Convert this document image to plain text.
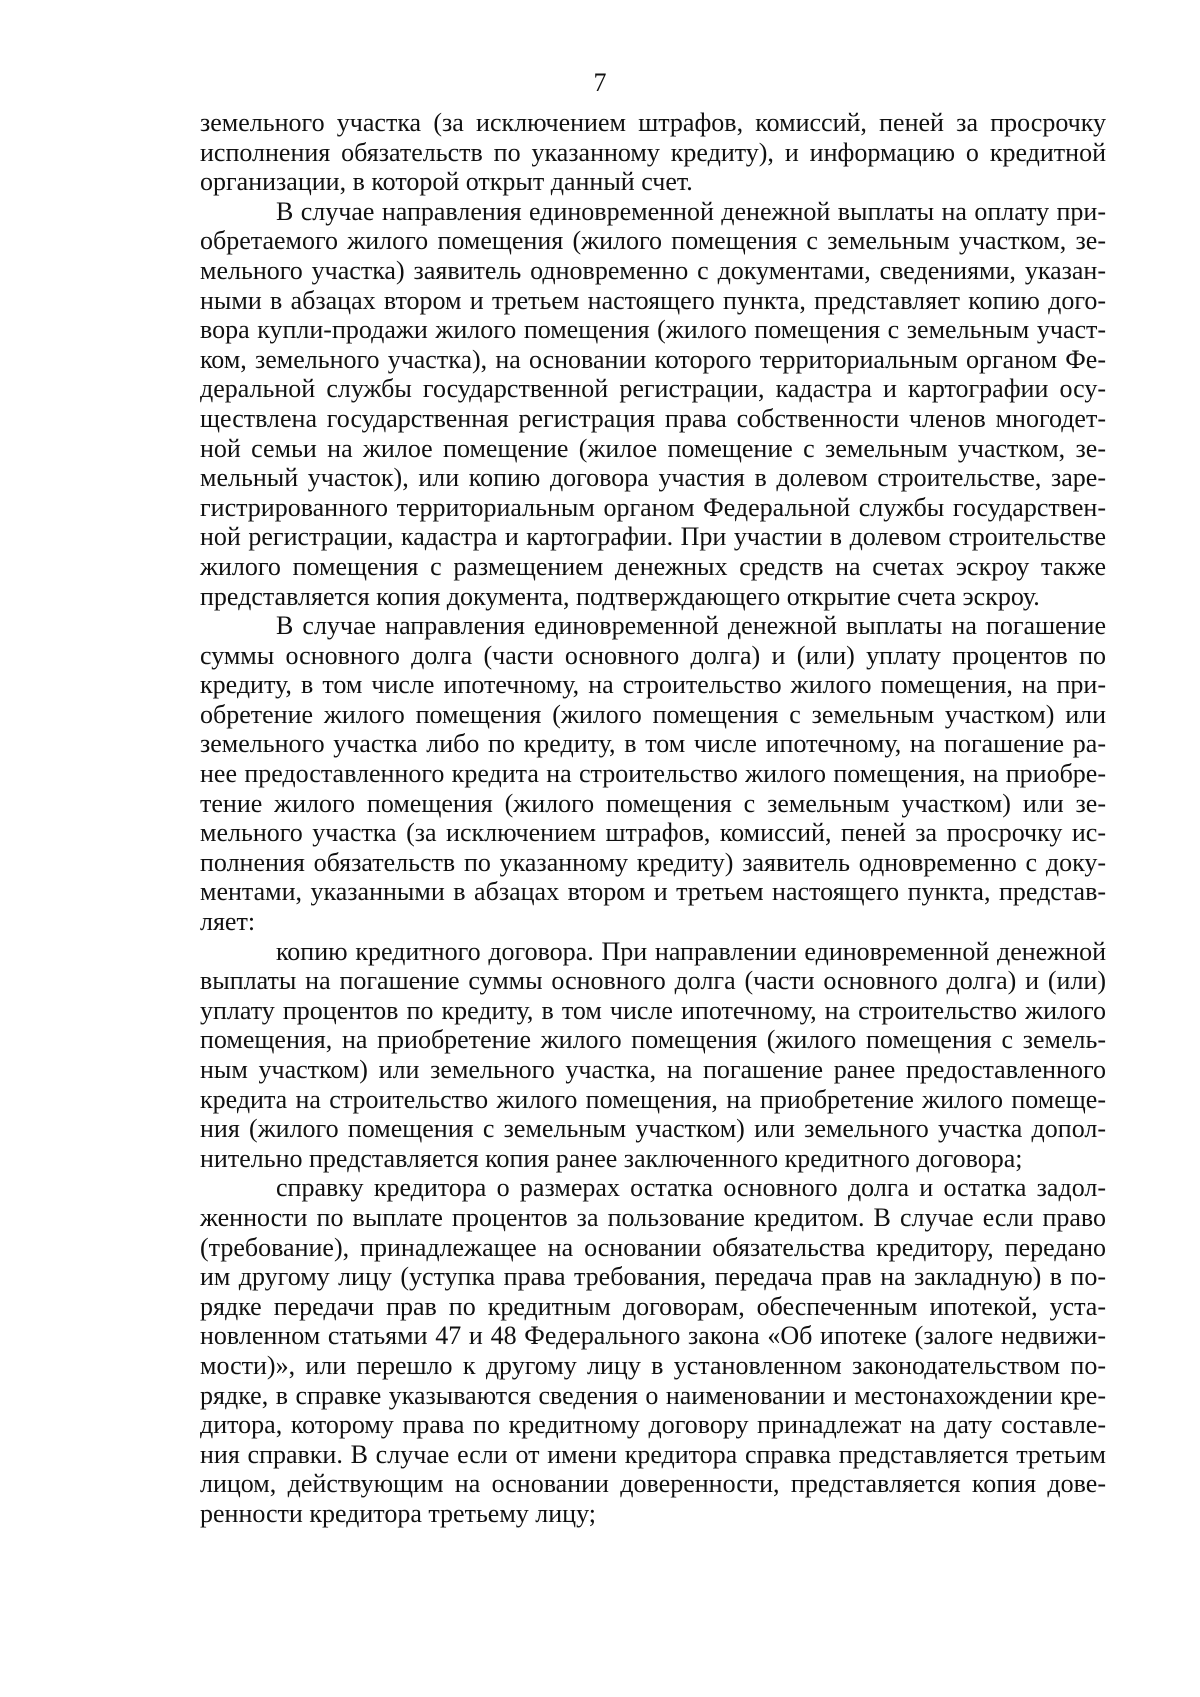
7
земельного участка (за исключением штрафов, комиссий, пеней за просрочку
исполнения обязательств по указанному кредиту), и информацию о кредитной
организации, в которой открыт данный счет.
В случае направления единовременной денежной выплаты на оплату при-
обретаемого жилого помещения (жилого помещения с земельным участком, зе-
мельного участка) заявитель одновременно с документами, сведениями, указан-
ными в абзацах втором и третьем настоящего пункта, представляет копию дого-
вора купли-продажи жилого помещения (жилого помещения с земельным участ-
ком, земельного участка), на основании которого территориальным органом Фе-
деральной службы государственной регистрации, кадастра и картографии осу-
ществлена государственная регистрация права собственности членов многодет-
ной семьи на жилое помещение (жилое помещение с земельным участком, зе-
мельный участок), или копию договора участия в долевом строительстве, заре-
гистрированного территориальным органом Федеральной службы государствен-
ной регистрации, кадастра и картографии. При участии в долевом строительстве
жилого помещения с размещением денежных средств на счетах эскроу также
представляется копия документа, подтверждающего открытие счета эскроу.
В случае направления единовременной денежной выплаты на погашение
суммы основного долга (части основного долга) и (или) уплату процентов по
кредиту, в том числе ипотечному, на строительство жилого помещения, на при-
обретение жилого помещения (жилого помещения с земельным участком) или
земельного участка либо по кредиту, в том числе ипотечному, на погашение ра-
нее предоставленного кредита на строительство жилого помещения, на приобре-
тение жилого помещения (жилого помещения с земельным участком) или зе-
мельного участка (за исключением штрафов, комиссий, пеней за просрочку ис-
полнения обязательств по указанному кредиту) заявитель одновременно с доку-
ментами, указанными в абзацах втором и третьем настоящего пункта, представ-
ляет:
копию кредитного договора. При направлении единовременной денежной
выплаты на погашение суммы основного долга (части основного долга) и (или)
уплату процентов по кредиту, в том числе ипотечному, на строительство жилого
помещения, на приобретение жилого помещения (жилого помещения с земель-
ным участком) или земельного участка, на погашение ранее предоставленного
кредита на строительство жилого помещения, на приобретение жилого помеще-
ния (жилого помещения с земельным участком) или земельного участка допол-
нительно представляется копия ранее заключенного кредитного договора;
справку кредитора о размерах остатка основного долга и остатка задол-
женности по выплате процентов за пользование кредитом. В случае если право
(требование), принадлежащее на основании обязательства кредитору, передано
им другому лицу (уступка права требования, передача прав на закладную) в по-
рядке передачи прав по кредитным договорам, обеспеченным ипотекой, уста-
новленном статьями 47 и 48 Федерального закона «Об ипотеке (залоге недвижи-
мости)», или перешло к другому лицу в установленном законодательством по-
рядке, в справке указываются сведения о наименовании и местонахождении кре-
дитора, которому права по кредитному договору принадлежат на дату составле-
ния справки. В случае если от имени кредитора справка представляется третьим
лицом, действующим на основании доверенности, представляется копия дове-
ренности кредитора третьему лицу;
